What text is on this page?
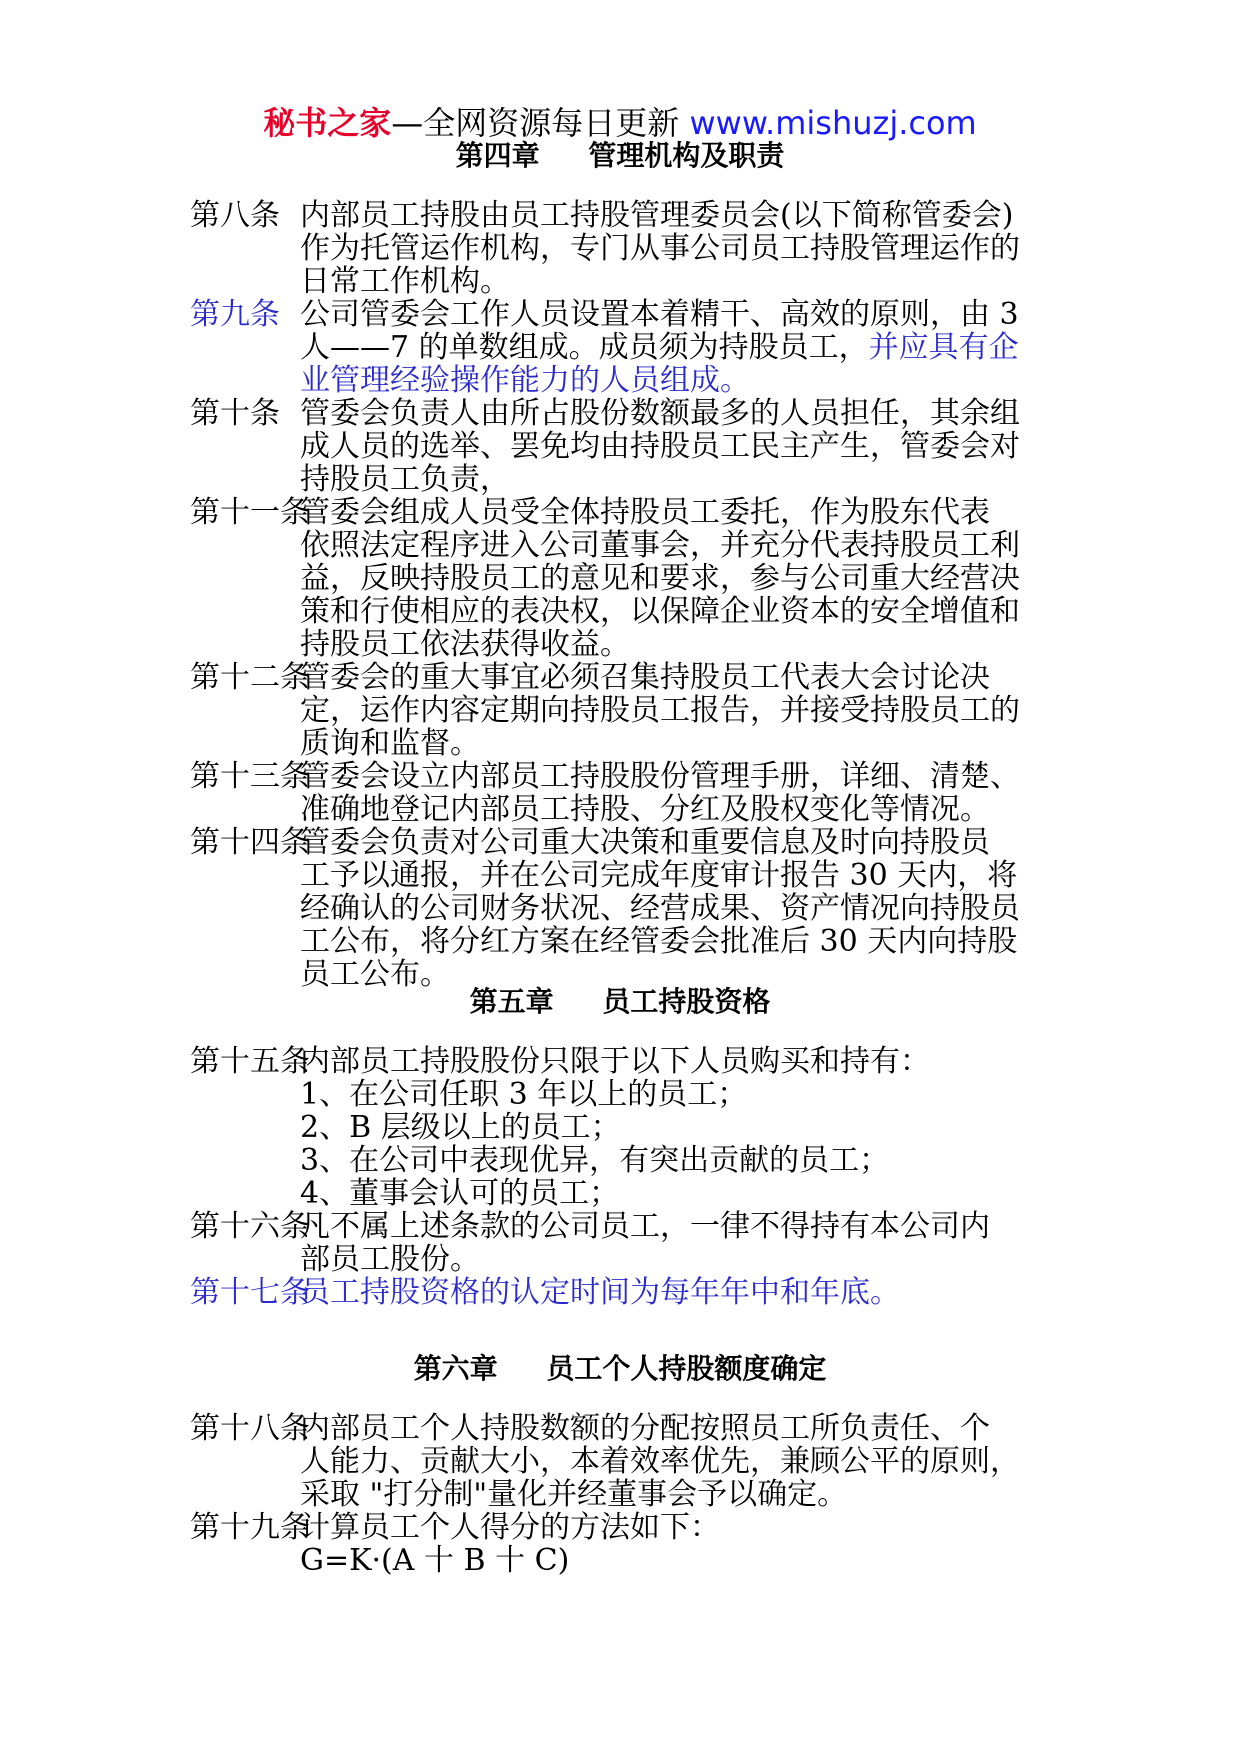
秘书之家—全网资源每日更新 www.mishuzj.com
第四章     管理机构及职责
第八条 内部员工持股由员工持股管理委员会(以下简称管委会)
作为托管运作机构，专门从事公司员工持股管理运作的
日常工作机构。
第九条 公司管委会工作人员设置本着精干、高效的原则，由 3
人——7 的单数组成。成员须为持股员工，并应具有企
业管理经验操作能力的人员组成。
第十条 管委会负责人由所占股份数额最多的人员担任，其余组
成人员的选举、罢免均由持股员工民主产生，管委会对
持股员工负责，
第十一条管委会组成人员受全体持股员工委托，作为股东代表
依照法定程序进入公司董事会，并充分代表持股员工利
益，反映持股员工的意见和要求，参与公司重大经营决
策和行使相应的表决权，以保障企业资本的安全增值和
持股员工依法获得收益。
第十二条管委会的重大事宜必须召集持股员工代表大会讨论决
定，运作内容定期向持股员工报告，并接受持股员工的
质询和监督。
第十三条管委会设立内部员工持股股份管理手册，详细、清楚、
准确地登记内部员工持股、分红及股权变化等情况。
第十四条管委会负责对公司重大决策和重要信息及时向持股员
工予以通报，并在公司完成年度审计报告 30 天内，将
经确认的公司财务状况、经营成果、资产情况向持股员
工公布，将分红方案在经管委会批准后 30 天内向持股
员工公布。
第五章     员工持股资格
第十五条内部员工持股股份只限于以下人员购买和持有：
1、在公司任职 3 年以上的员工；
2、B 层级以上的员工；
3、在公司中表现优异，有突出贡献的员工；
4、董事会认可的员工；
第十六条凡不属上述条款的公司员工，一律不得持有本公司内
部员工股份。
第十七条员工持股资格的认定时间为每年年中和年底。
第六章     员工个人持股额度确定
第十八条内部员工个人持股数额的分配按照员工所负责任、个
人能力、贡献大小，本着效率优先，兼顾公平的原则，
采取 "打分制"量化并经董事会予以确定。
第十九条计算员工个人得分的方法如下：
G=K·(A 十 B 十 C)
